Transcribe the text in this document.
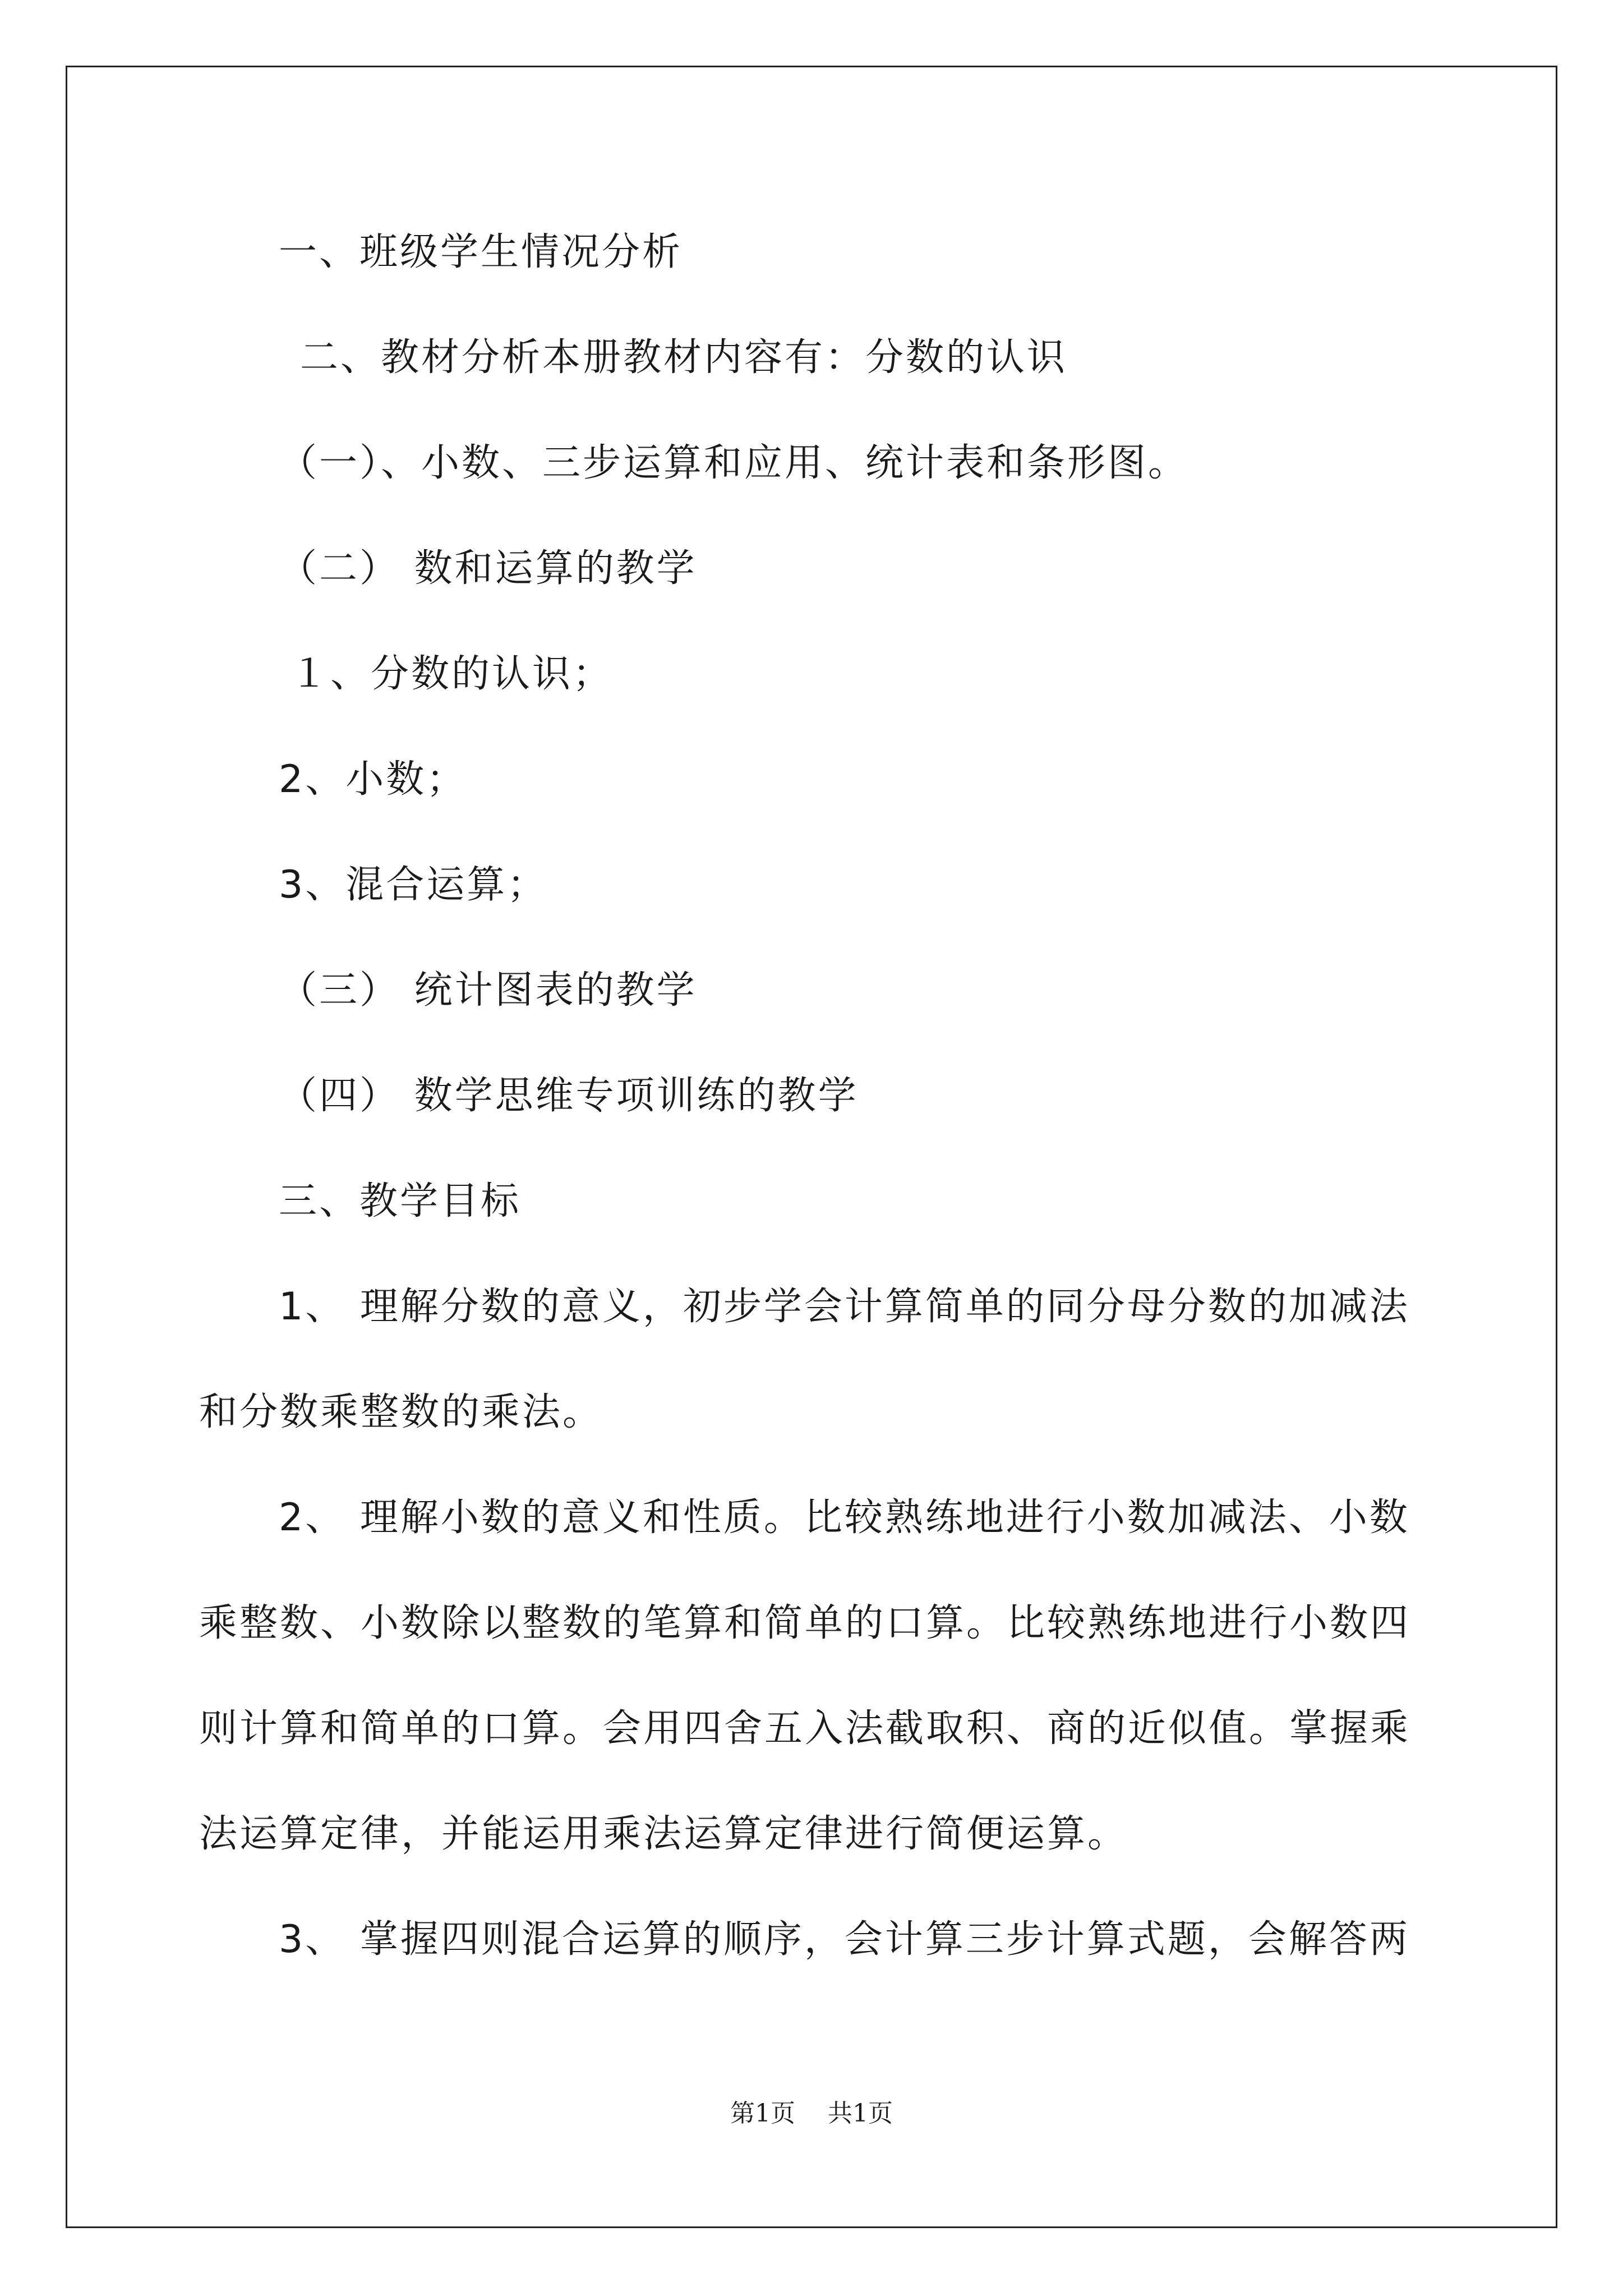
一、班级学生情况分析
二、教材分析本册教材内容有：分数的认识
（一）、小数、三步运算和应用、统计表和条形图。
（二） 数和运算的教学
１、分数的认识；
2、小数；
3、混合运算；
（三） 统计图表的教学
（四） 数学思维专项训练的教学
三、教学目标
1、 理解分数的意义，初步学会计算简单的同分母分数的加减法
和分数乘整数的乘法。
2、 理解小数的意义和性质。比较熟练地进行小数加减法、小数
乘整数、小数除以整数的笔算和简单的口算。比较熟练地进行小数四
则计算和简单的口算。会用四舍五入法截取积、商的近似值。掌握乘
法运算定律，并能运用乘法运算定律进行简便运算。
3、 掌握四则混合运算的顺序，会计算三步计算式题，会解答两
第1页 共1页
